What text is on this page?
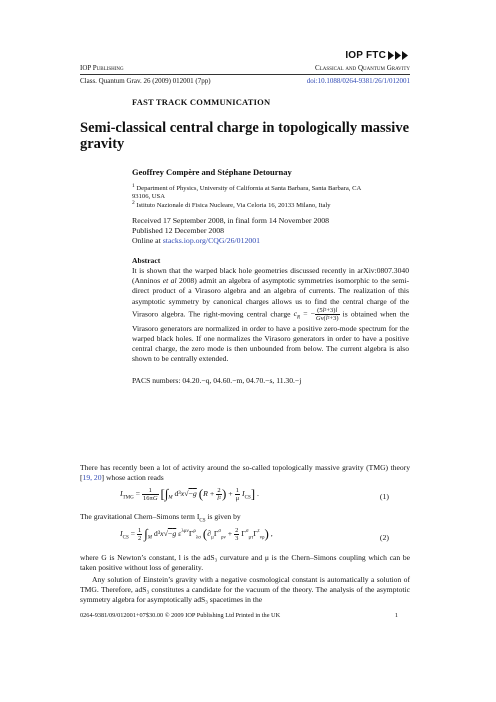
IOP FTC
IOP Publishing	Classical and Quantum Gravity
Class. Quantum Grav. 26 (2009) 012001 (7pp)	doi:10.1088/0264-9381/26/1/012001
FAST TRACK COMMUNICATION
Semi-classical central charge in topologically massive gravity
Geoffrey Compère and Stéphane Detournay
$^1$ Department of Physics, University of California at Santa Barbara, Santa Barbara, CA 93106, USA
$^2$ Istituto Nazionale di Fisica Nucleare, Via Celoria 16, 20133 Milano, Italy
Received 17 September 2008, in final form 14 November 2008
Published 12 December 2008
Online at stacks.iop.org/CQG/26/012001
Abstract
It is shown that the warped black hole geometries discussed recently in arXiv:0807.3040 (Anninos et al 2008) admit an algebra of asymptotic symmetries isomorphic to the semi-direct product of a Virasoro algebra and an algebra of currents. The realization of this asymptotic symmetry by canonical charges allows us to find the central charge of the Virasoro algebra. The right-moving central charge $c_R$ = − $\frac{\text{(5l²+3)l}}{\text{Gν(l²+3)}}$ is obtained when the Virasoro generators are normalized in order to have a positive zero-mode spectrum for the warped black holes. If one normalizes the Virasoro generators in order to have a positive central charge, the zero mode is then unbounded from below. The current algebra is also shown to be centrally extended.
PACS numbers: 04.20.−q, 04.60.−m, 04.70.−s, 11.30.−j
There has recently been a lot of activity around the so-called topologically massive gravity (TMG) theory [19, 20] whose action reads
$I_{TMG} = \frac{1}{16\pi G} [\int_M$ d³x√−g ($R + \frac{2}{\text{l²}}$ ) + $\frac{1}{\mu} I_{CS}$] .	(1)
The gravitational Chern–Simons term $I_{CS}$ is given by
$I_{CS} = \frac{1}{2} \int_M$ d³x√−g $\varepsilon^{\lambda\mu\nu}\Gamma^\rho_{\lambda\sigma}$ $(\partial_\mu\Gamma^\sigma_{\rho\nu} + \frac{2}{3} \Gamma^\sigma_{\mu\tau}\Gamma^\tau_{\nu\rho})$ ,	(2)
where G is Newton’s constant, l is the adS₃ curvature and μ is the Chern–Simons coupling which can be taken positive without loss of generality.
Any solution of Einstein’s gravity with a negative cosmological constant is automatically a solution of TMG. Therefore, adS₃ constitutes a candidate for the vacuum of the theory. The analysis of the asymptotic symmetry algebra for asymptotically adS₃ spacetimes in the
0264-9381/09/012001+07$30.00 © 2009 IOP Publishing Ltd Printed in the UK	1
